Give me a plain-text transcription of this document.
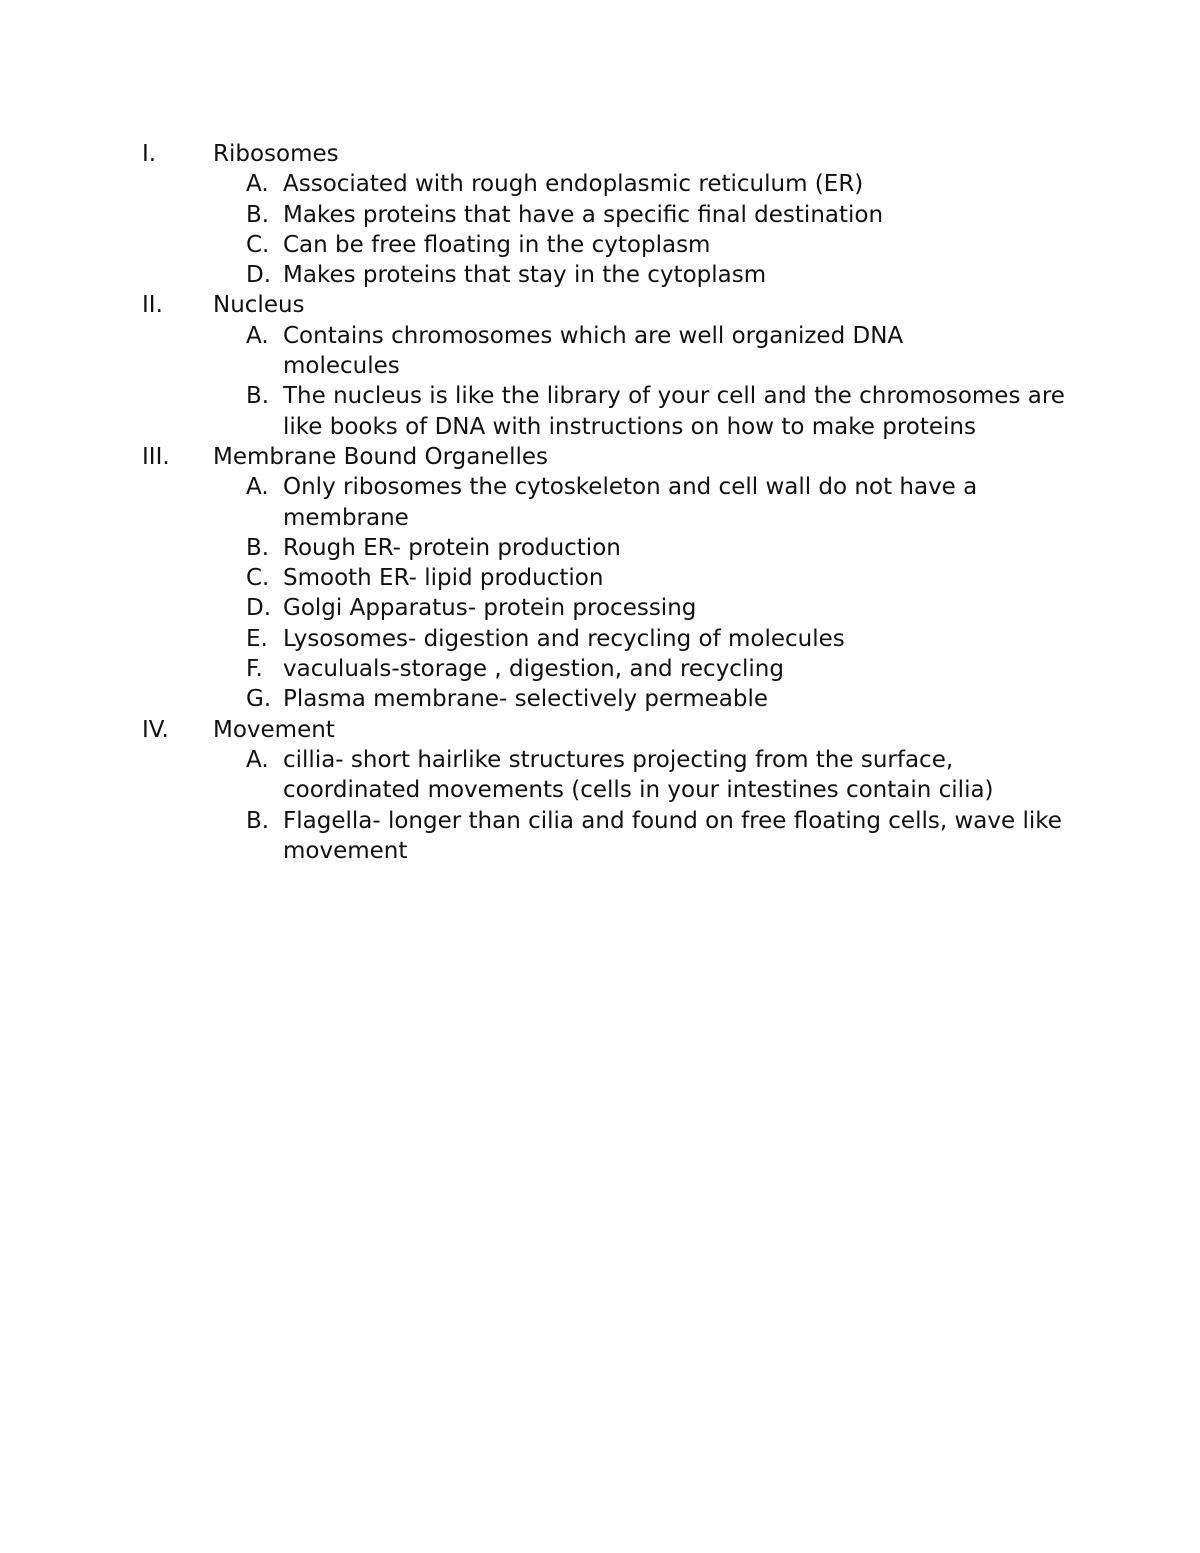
I.	Ribosomes
A. Associated with rough endoplasmic reticulum (ER)
B. Makes proteins that have a specific final destination
C. Can be free floating in the cytoplasm
D. Makes proteins that stay in the cytoplasm
II.	Nucleus
A. Contains chromosomes which are well organized DNA molecules
B. The nucleus is like the library of your cell and the chromosomes are like books of DNA with instructions on how to make proteins
III.	Membrane Bound Organelles
A. Only ribosomes the cytoskeleton and cell wall do not have a membrane
B. Rough ER- protein production
C. Smooth ER- lipid production
D. Golgi Apparatus- protein processing
E. Lysosomes- digestion and recycling of molecules
F. vaculuals-storage , digestion, and recycling
G. Plasma membrane- selectively permeable
IV.	Movement
A. cillia- short hairlike structures projecting from the surface, coordinated movements (cells in your intestines contain cilia)
B. Flagella- longer than cilia and found on free floating cells, wave like movement
